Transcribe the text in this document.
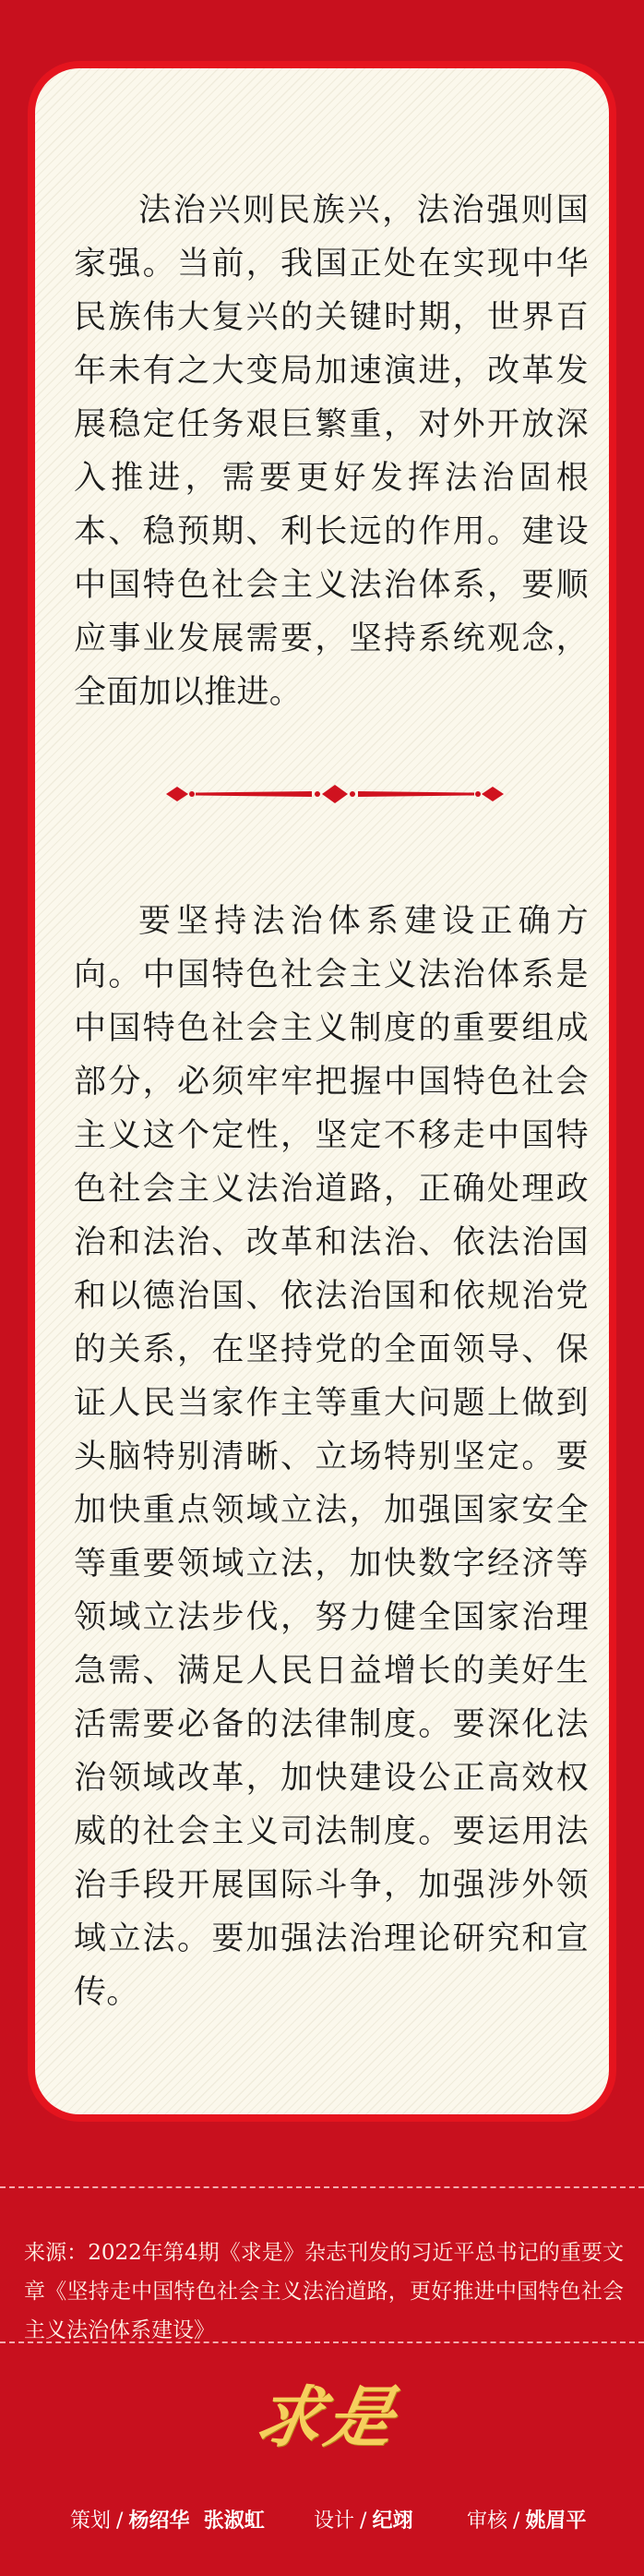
法治兴则民族兴，法治强则国家强。当前，我国正处在实现中华民族伟大复兴的关键时期，世界百年未有之大变局加速演进，改革发展稳定任务艰巨繁重，对外开放深入推进，需要更好发挥法治固根本、稳预期、利长远的作用。建设中国特色社会主义法治体系，要顺应事业发展需要，坚持系统观念，全面加以推进。

要坚持法治体系建设正确方向。中国特色社会主义法治体系是中国特色社会主义制度的重要组成部分，必须牢牢把握中国特色社会主义这个定性，坚定不移走中国特色社会主义法治道路，正确处理政治和法治、改革和法治、依法治国和以德治国、依法治国和依规治党的关系，在坚持党的全面领导、保证人民当家作主等重大问题上做到头脑特别清晰、立场特别坚定。要加快重点领域立法，加强国家安全等重要领域立法，加快数字经济等领域立法步伐，努力健全国家治理急需、满足人民日益增长的美好生活需要必备的法律制度。要深化法治领域改革，加快建设公正高效权威的社会主义司法制度。要运用法治手段开展国际斗争，加强涉外领域立法。要加强法治理论研究和宣传。

来源：2022年第4期《求是》杂志刊发的习近平总书记的重要文章《坚持走中国特色社会主义法治道路，更好推进中国特色社会主义法治体系建设》

求是
策划 / 杨绍华  张淑虹 设计 / 纪翊	审核 / 姚眉平
